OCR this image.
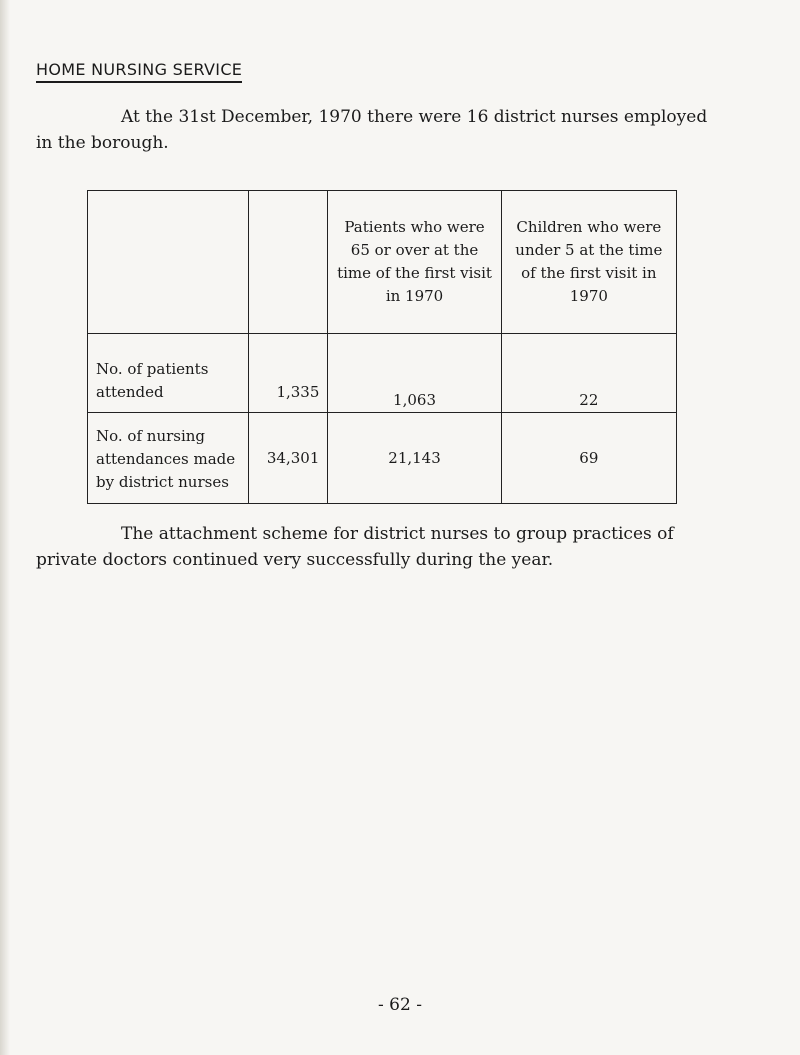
HOME NURSING SERVICE
At the 31st December, 1970 there were 16 district nurses employed in the borough.
		Patients who were 65 or over at the time of the first visit in 1970	Children who were under 5 at the time of the first visit in 1970
No. of patients attended	1,335	1,063	22
No. of nursing attendances made by district nurses	34,301	21,143	69
The attachment scheme for district nurses to group practices of private doctors continued very successfully during the year.
- 62 -
